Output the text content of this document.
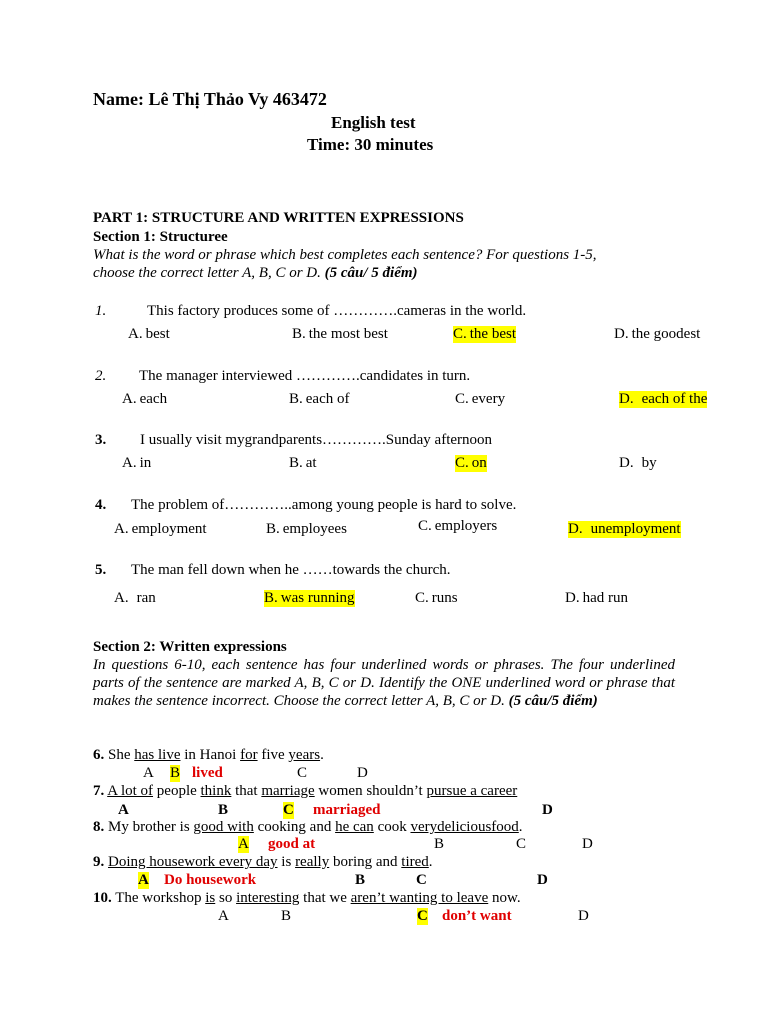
Name: Lê Thị Thảo Vy 463472
English test
Time: 30 minutes
PART 1: STRUCTURE AND WRITTEN EXPRESSIONS
Section 1: Structuree
What is the word or phrase which best completes each sentence? For questions 1-5,
choose the correct letter A, B, C or D. (5 câu/ 5 điểm)
1.	This factory produces some of ………….cameras in the world.
A. best	B. the most best	C. the best	D. the goodest
2. The manager interviewed ………….candidates in turn.
A. each	B. each of	C. every	D. each of the
3. I usually visit mygrandparents………….Sunday afternoon
A. in	B. at	C. on	D. by
4. The problem of…………..among young people is hard to solve.
A. employment	B. employees	C. employers	D. unemployment
5. The man fell down when he ……towards the church.
A. ran	B. was running	C. runs	D. had run
Section 2: Written expressions
In questions 6-10, each sentence has four underlined words or phrases. The four underlined parts of the sentence are marked A, B, C or D. Identify the ONE underlined word or phrase that makes the sentence incorrect. Choose the correct letter A, B, C or D. (5 câu/5 điểm)
6. She has live in Hanoi for five years.
A B lived	C	D
7. A lot of people think that marriage women shouldn’t pursue a career
A	B	C marriaged	D
8. My brother is good with cooking and he can cook verydeliciousfood.
A good at	B	C	D
9. Doing housework every day is really boring and tired.
A Do housework	B	C	D
10. The workshop is so interesting that we aren’t wanting to leave now.
A	B	C don’t want	D
